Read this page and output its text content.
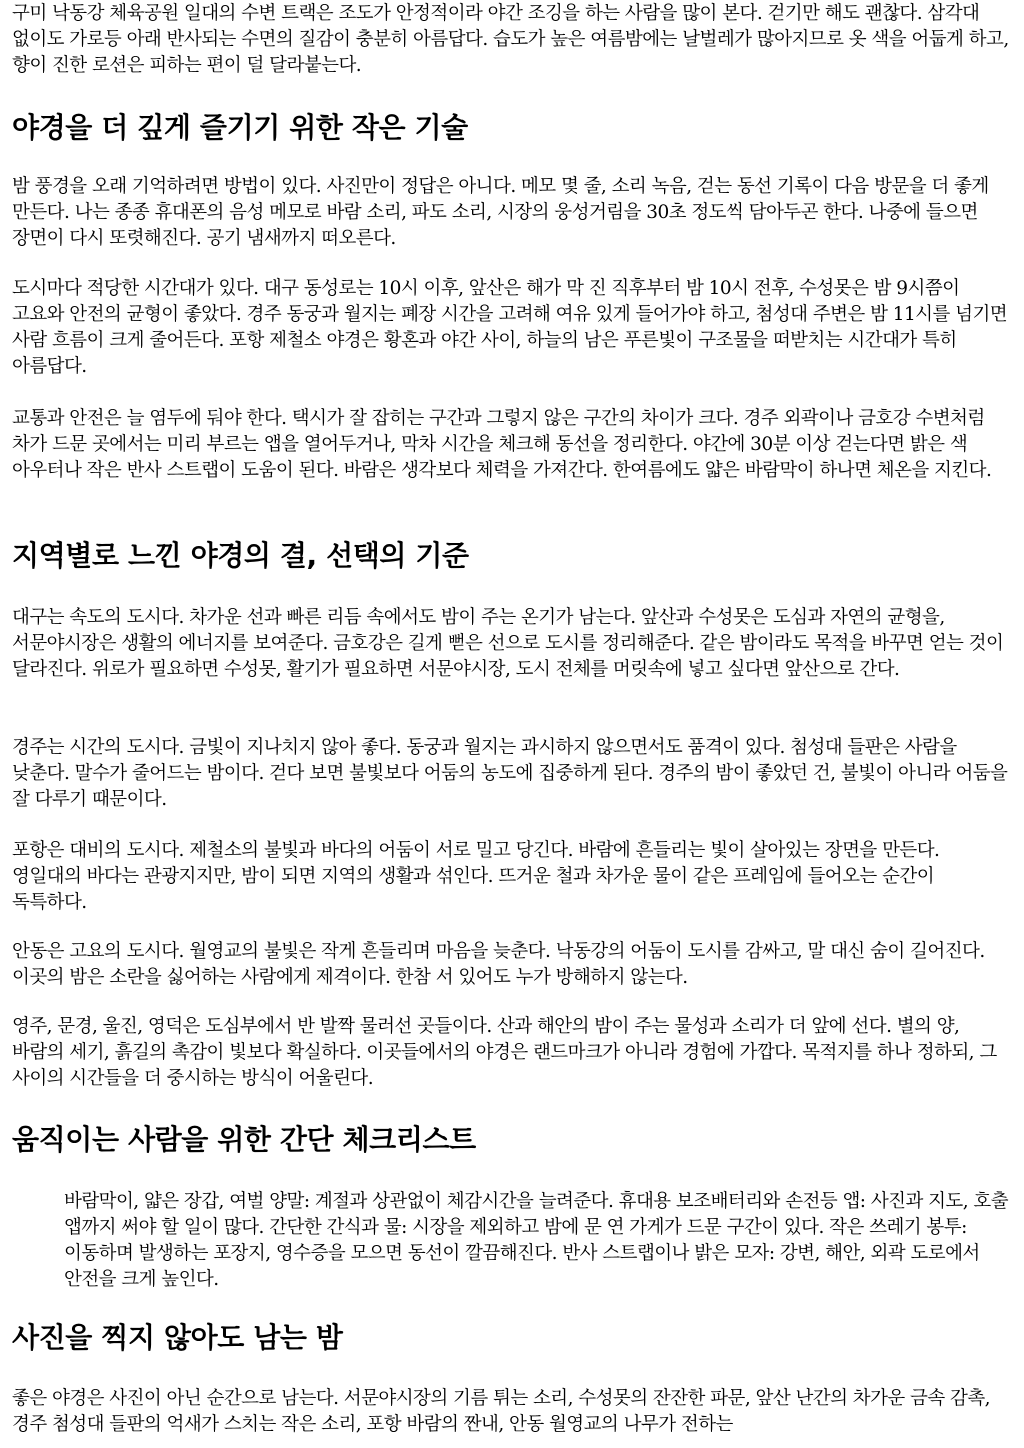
구미 낙동강 체육공원 일대의 수변 트랙은 조도가 안정적이라 야간 조깅을 하는 사람을 많이 본다. 걷기만 해도 괜찮다. 삼각대 없이도 가로등 아래 반사되는 수면의 질감이 충분히 아름답다. 습도가 높은 여름밤에는 날벌레가 많아지므로 옷 색을 어둡게 하고, 향이 진한 로션은 피하는 편이 덜 달라붙는다.

야경을 더 깊게 즐기기 위한 작은 기술

밤 풍경을 오래 기억하려면 방법이 있다. 사진만이 정답은 아니다. 메모 몇 줄, 소리 녹음, 걷는 동선 기록이 다음 방문을 더 좋게 만든다. 나는 종종 휴대폰의 음성 메모로 바람 소리, 파도 소리, 시장의 웅성거림을 30초 정도씩 담아두곤 한다. 나중에 들으면 장면이 다시 또렷해진다. 공기 냄새까지 떠오른다.

도시마다 적당한 시간대가 있다. 대구 동성로는 10시 이후, 앞산은 해가 막 진 직후부터 밤 10시 전후, 수성못은 밤 9시쯤이 고요와 안전의 균형이 좋았다. 경주 동궁과 월지는 폐장 시간을 고려해 여유 있게 들어가야 하고, 첨성대 주변은 밤 11시를 넘기면 사람 흐름이 크게 줄어든다. 포항 제철소 야경은 황혼과 야간 사이, 하늘의 남은 푸른빛이 구조물을 떠받치는 시간대가 특히 아름답다.

교통과 안전은 늘 염두에 둬야 한다. 택시가 잘 잡히는 구간과 그렇지 않은 구간의 차이가 크다. 경주 외곽이나 금호강 수변처럼 차가 드문 곳에서는 미리 부르는 앱을 열어두거나, 막차 시간을 체크해 동선을 정리한다. 야간에 30분 이상 걷는다면 밝은 색 아우터나 작은 반사 스트랩이 도움이 된다. 바람은 생각보다 체력을 가져간다. 한여름에도 얇은 바람막이 하나면 체온을 지킨다.

지역별로 느낀 야경의 결, 선택의 기준

대구는 속도의 도시다. 차가운 선과 빠른 리듬 속에서도 밤이 주는 온기가 남는다. 앞산과 수성못은 도심과 자연의 균형을, 서문야시장은 생활의 에너지를 보여준다. 금호강은 길게 뻗은 선으로 도시를 정리해준다. 같은 밤이라도 목적을 바꾸면 얻는 것이 달라진다. 위로가 필요하면 수성못, 활기가 필요하면 서문야시장, 도시 전체를 머릿속에 넣고 싶다면 앞산으로 간다.

경주는 시간의 도시다. 금빛이 지나치지 않아 좋다. 동궁과 월지는 과시하지 않으면서도 품격이 있다. 첨성대 들판은 사람을 낮춘다. 말수가 줄어드는 밤이다. 걷다 보면 불빛보다 어둠의 농도에 집중하게 된다. 경주의 밤이 좋았던 건, 불빛이 아니라 어둠을 잘 다루기 때문이다.

포항은 대비의 도시다. 제철소의 불빛과 바다의 어둠이 서로 밀고 당긴다. 바람에 흔들리는 빛이 살아있는 장면을 만든다. 영일대의 바다는 관광지지만, 밤이 되면 지역의 생활과 섞인다. 뜨거운 철과 차가운 물이 같은 프레임에 들어오는 순간이 독특하다.

안동은 고요의 도시다. 월영교의 불빛은 작게 흔들리며 마음을 늦춘다. 낙동강의 어둠이 도시를 감싸고, 말 대신 숨이 길어진다. 이곳의 밤은 소란을 싫어하는 사람에게 제격이다. 한참 서 있어도 누가 방해하지 않는다.

영주, 문경, 울진, 영덕은 도심부에서 반 발짝 물러선 곳들이다. 산과 해안의 밤이 주는 물성과 소리가 더 앞에 선다. 별의 양, 바람의 세기, 흙길의 촉감이 빛보다 확실하다. 이곳들에서의 야경은 랜드마크가 아니라 경험에 가깝다. 목적지를 하나 정하되, 그 사이의 시간들을 더 중시하는 방식이 어울린다.

움직이는 사람을 위한 간단 체크리스트

바람막이, 얇은 장갑, 여벌 양말: 계절과 상관없이 체감시간을 늘려준다. 휴대용 보조배터리와 손전등 앱: 사진과 지도, 호출 앱까지 써야 할 일이 많다. 간단한 간식과 물: 시장을 제외하고 밤에 문 연 가게가 드문 구간이 있다. 작은 쓰레기 봉투: 이동하며 발생하는 포장지, 영수증을 모으면 동선이 깔끔해진다. 반사 스트랩이나 밝은 모자: 강변, 해안, 외곽 도로에서 안전을 크게 높인다.

사진을 찍지 않아도 남는 밤

좋은 야경은 사진이 아닌 순간으로 남는다. 서문야시장의 기름 튀는 소리, 수성못의 잔잔한 파문, 앞산 난간의 차가운 금속 감촉, 경주 첨성대 들판의 억새가 스치는 작은 소리, 포항 바람의 짠내, 안동 월영교의 나무가 전하는
